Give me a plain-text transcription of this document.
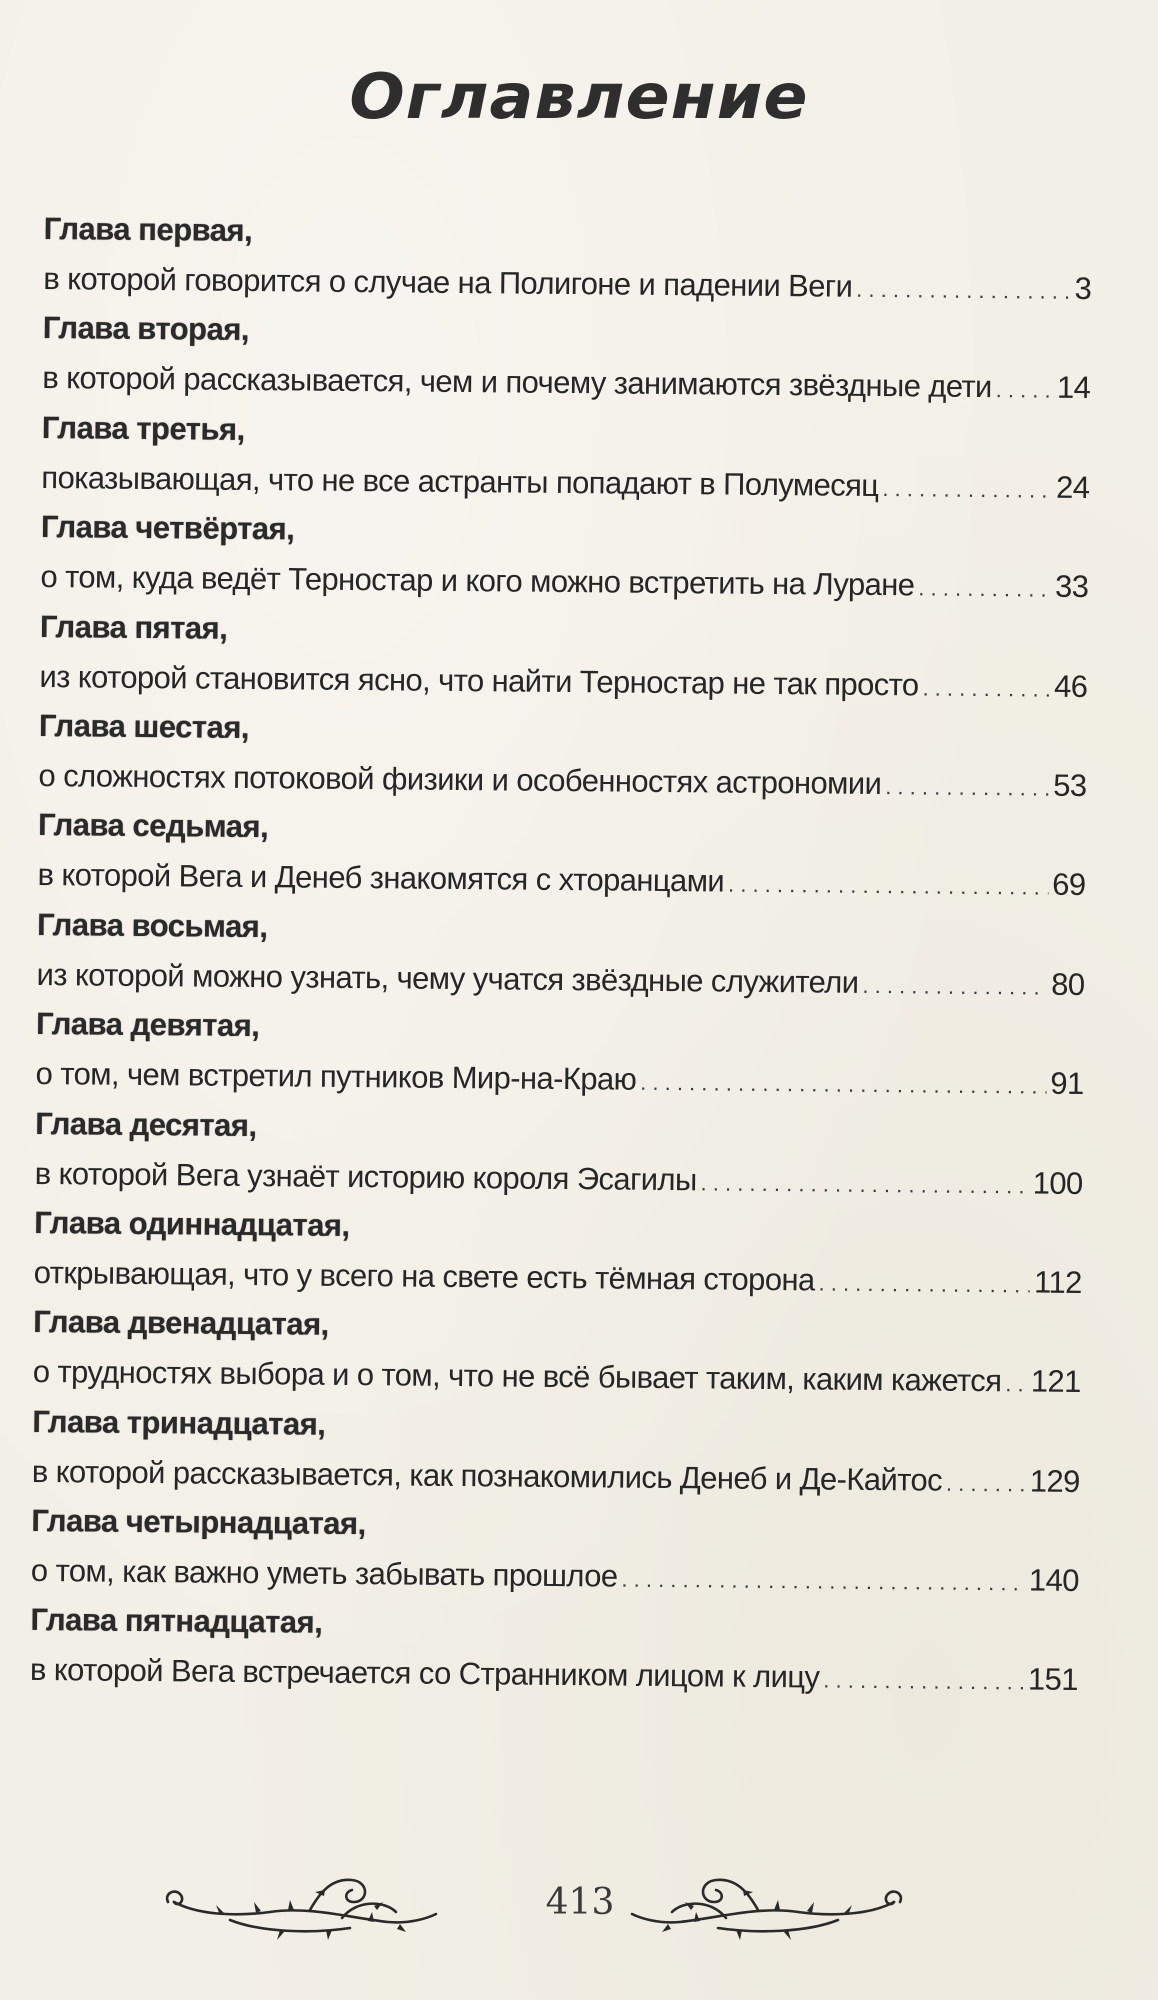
Оглавление
Глава первая,
в которой говорится о случае на Полигоне и падении Веги . . .	3
Глава вторая,
в которой рассказывается, чем и почему занимаются звёздные дети . . . 14
Глава третья,
показывающая, что не все астранты попадают в Полумесяц . . .	24
Глава четвёртая,
о том, куда ведёт Терностар и кого можно встретить на Луране . . .	33
Глава пятая,
из которой становится ясно, что найти Терностар не так просто . . .	46
Глава шестая,
о сложностях потоковой физики и особенностях астрономии . . .	53
Глава седьмая,
в которой Вега и Денеб знакомятся с хторанцами . . .	69
Глава восьмая,
из которой можно узнать, чему учатся звёздные служители . . .	80
Глава девятая,
о том, чем встретил путников Мир-на-Краю . . .	91
Глава десятая,
в которой Вега узнаёт историю короля Эсагилы . . .	100
Глава одиннадцатая,
открывающая, что у всего на свете есть тёмная сторона . . .	112
Глава двенадцатая,
о трудностях выбора и о том, что не всё бывает таким, каким кажется . . . 121
Глава тринадцатая,
в которой рассказывается, как познакомились Денеб и Де-Кайтос . . .	129
Глава четырнадцатая,
о том, как важно уметь забывать прошлое . . .	140
Глава пятнадцатая,
в которой Вега встречается со Странником лицом к лицу . . .	151
413
